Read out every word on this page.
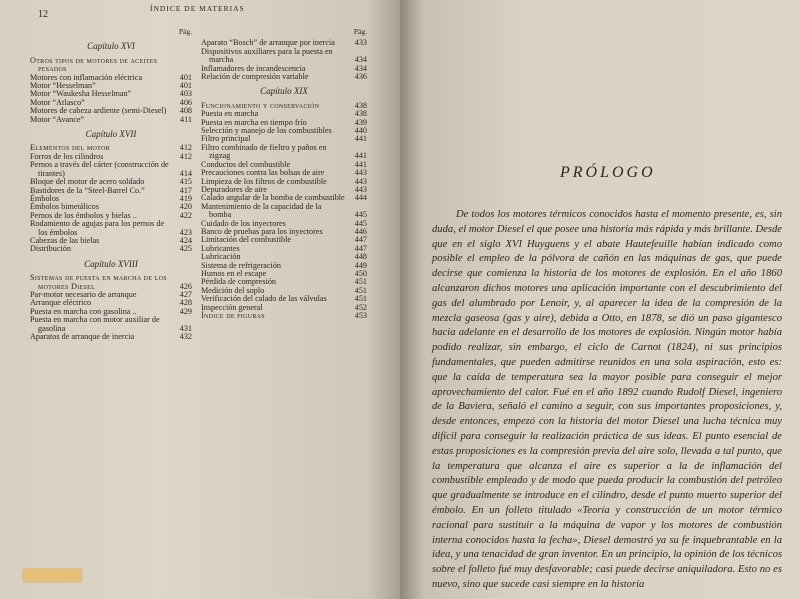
12
ÍNDICE DE MATERIAS
Pág.
Capítulo XVI
Otros tipos de motores de aceites pesados
Motores con inflamación eléctrica	401
Motor “Hesselman”	401
Motor “Waukesha Hesselman”	403
Motor “Atlasco”	406
Motores de cabeza ardiente (semi-Diesel)	408
Motor “Avance”	411
Capítulo XVII
Elementos del motor	412
Forros de los cilindros	412
Pernos a través del cárter (construcción de tirantes)	414
Bloque del motor de acero soldado	415
Bastidores de la “Steel-Barrel Co.”	417
Émbolos	419
Émbolos bimetálicos	420
Pernos de los émbolos y bielas ..	422
Rodamiento de agujas para los pernos de los émbolos	423
Cabezas de las bielas	424
Distribución	425
Capítulo XVIII
Sistemas de puesta en marcha de los motores Diesel	426
Par-motor necesario de arranque	427
Arranque eléctrico	428
Puesta en marcha con gasolina ..	429
Puesta en marcha con motor auxiliar de gasolina	431
Aparatos de arranque de inercia	432
Pág.
Aparato “Bosch” de arranque por inercia	433
Dispositivos auxiliares para la puesta en marcha	434
Inflamadores de incandescencia	434
Relación de compresión variable	436
Capítulo XIX
Funcionamiento y conservación	438
Puesta en marcha	438
Puesta en marcha en tiempo frío	439
Selección y manejo de los combustibles	440
Filtro principal	441
Filtro combinado de fieltro y paños en zigzag	441
Conductos del combustible	441
Precauciones contra las bolsas de aire	443
Limpieza de los filtros de combustible	443
Depuradores de aire	443
Calado angular de la bomba de combustible	444
Mantenimiento de la capacidad de la bomba	445
Cuidado de los inyectores	445
Banco de pruebas para los inyectores	446
Limitación del combustible	447
Lubricantes	447
Lubricación	448
Sistema de refrigeración	449
Humos en el escape	450
Pérdida de compresión	451
Medición del soplo	451
Verificación del calado de las válvulas	451
Inspección general	452
Índice de figuras	453
PRÓLOGO

De todos los motores térmicos conocidos hasta el momento presente, es, sin duda, el motor Diesel el que posee una historia más rápida y más brillante. Desde que en el siglo XVI Huyguens y el abate Hautefeuille habían indicado como posible el empleo de la pólvora de cañón en las máquinas de gas, que puede decirse que comienza la historia de los motores de explosión. En el año 1860 alcanzaron dichos motores una aplicación importante con el descubrimiento del gas del alumbrado por Lenoir, y, al aparecer la idea de la compresión de la mezcla gaseosa (gas y aire), debida a Otto, en 1878, se dió un paso gigantesco hacia adelante en el desarrollo de los motores de explosión. Ningún motor había podido realizar, sin embargo, el ciclo de Carnot (1824), ni sus principios fundamentales, que pueden admitirse reunidos en una sola aspiración, esto es: que la caída de temperatura sea la mayor posible para conseguir el mejor aprovechamiento del calor. Fué en el año 1892 cuando Rudolf Diesel, ingeniero de la Baviera, señaló el camino a seguir, con sus importantes proposiciones, y, desde entonces, empezó con la historia del motor Diesel una lucha técnica muy difícil para conseguir la realización práctica de sus ideas. El punto esencial de estas proposiciones es la compresión previa del aire solo, llevada a tal punto, que la temperatura que alcanza el aire es superior a la de inflamación del combustible empleado y de modo que pueda producir la combustión del petróleo que gradualmente se introduce en el cilindro, desde el punto muerto superior del émbolo. En un folleto titulado «Teoría y construcción de un motor térmico racional para sustituir a la máquina de vapor y los motores de combustión interna conocidos hasta la fecha», Diesel demostró ya su fe inquebrantable en la idea, y una tenacidad de gran inventor. En un principio, la opinión de los técnicos sobre el folleto fué muy desfavorable; casi puede decirse aniquiladora. Esto no es nuevo, sino que sucede casi siempre en la historia

coisas
